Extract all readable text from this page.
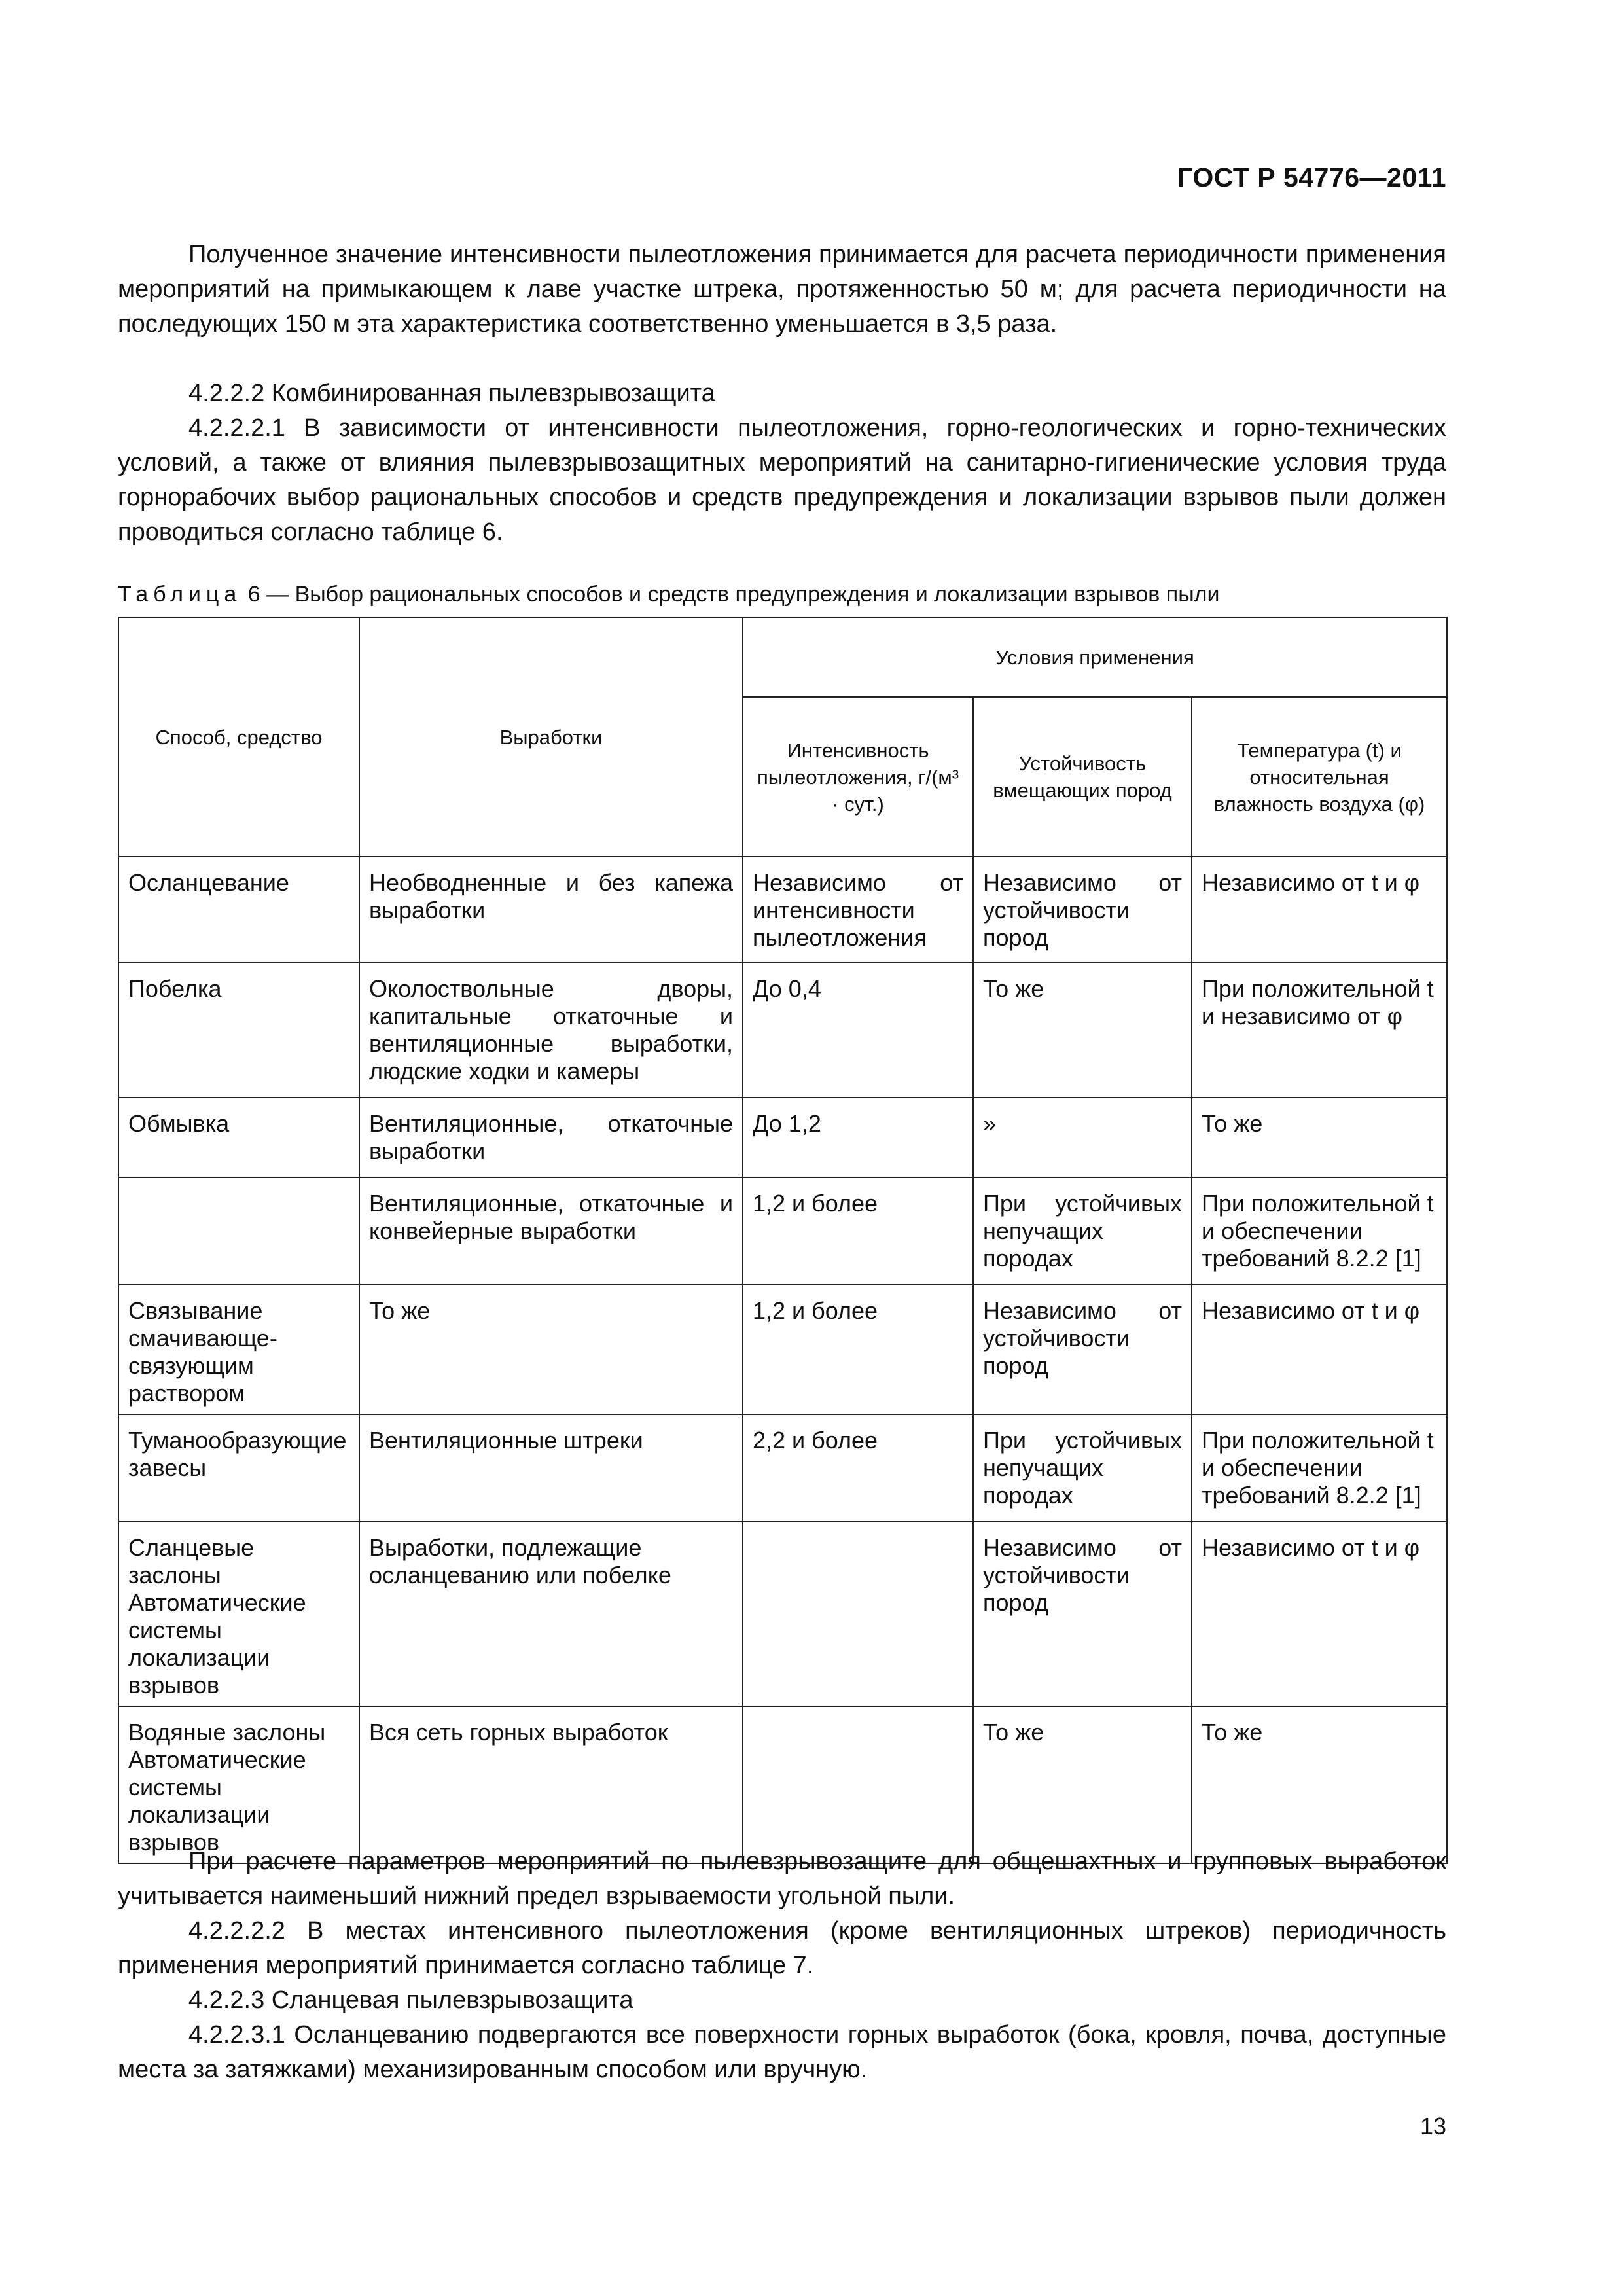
ГОСТ Р 54776—2011

Полученное значение интенсивности пылеотложения принимается для расчета периодичности применения мероприятий на примыкающем к лаве участке штрека, протяженностью 50 м; для расчета периодичности на последующих 150 м эта характеристика соответственно уменьшается в 3,5 раза.

4.2.2.2 Комбинированная пылевзрывозащита

4.2.2.2.1 В зависимости от интенсивности пылеотложения, горно-геологических и горно-технических условий, а также от влияния пылевзрывозащитных мероприятий на санитарно-гигиенические условия труда горнорабочих выбор рациональных способов и средств предупреждения и локализации взрывов пыли должен проводиться согласно таблице 6.

Таблица 6 — Выбор рациональных способов и средств предупреждения и локализации взрывов пыли
Способ, средство	Выработки	Условия применения		
		Интенсивность пылеотложения, г/(м³ · сут.)	Устойчивость вмещающих пород	Температура (t) и относительная влажность воздуха (φ)
Осланцевание	Необводненные и без капежа выработки	Независимо от интенсивности пылеотложения	Независимо от устойчивости пород	Независимо от t и φ
Побелка	Околоствольные дворы, капитальные откаточные и вентиляционные выработки, людские ходки и камеры	До 0,4	То же	При положительной t и независимо от φ
Обмывка	Вентиляционные, откаточные выработки	До 1,2	»	То же
	Вентиляционные, откаточные и конвейерные выработки	1,2 и более	При устойчивых непучащих породах	При положительной t и обеспечении требований 8.2.2 [1]
Связывание смачивающе-связующим раствором	То же	1,2 и более	Независимо от устойчивости пород	Независимо от t и φ
Туманообразующие завесы	Вентиляционные штреки	2,2 и более	При устойчивых непучащих породах	При положительной t и обеспечении требований 8.2.2 [1]
Сланцевые заслоны Автоматические системы локализации взрывов	Выработки, подлежащие осланцеванию или побелке		Независимо от устойчивости пород	Независимо от t и φ
Водяные заслоны Автоматические системы локализации взрывов	Вся сеть горных выработок		То же	То же

При расчете параметров мероприятий по пылевзрывозащите для общешахтных и групповых выработок учитывается наименьший нижний предел взрываемости угольной пыли.

4.2.2.2.2 В местах интенсивного пылеотложения (кроме вентиляционных штреков) периодичность применения мероприятий принимается согласно таблице 7.

4.2.2.3 Сланцевая пылевзрывозащита

4.2.2.3.1 Осланцеванию подвергаются все поверхности горных выработок (бока, кровля, почва, доступные места за затяжками) механизированным способом или вручную.

13
